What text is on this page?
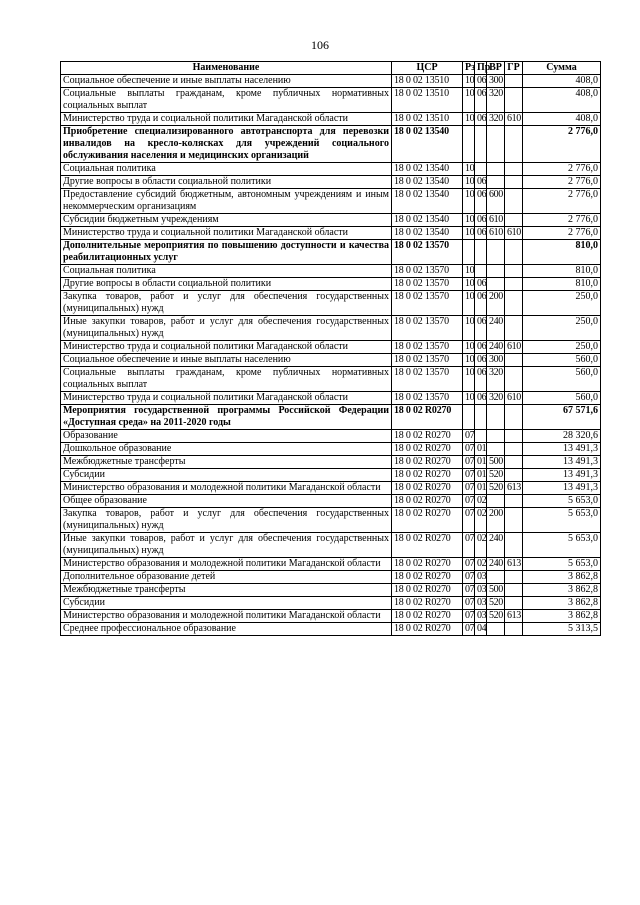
106
Наименование	ЦСР	Рз	Пр	ВР	ГР	Сумма
Социальное обеспечение и иные выплаты населению	18 0 02 13510	10	06	300		408,0
Социальные выплаты гражданам, кроме публичных нормативных социальных выплат	18 0 02 13510	10	06	320		408,0
Министерство труда и социальной политики Магаданской области	18 0 02 13510	10	06	320	610	408,0
Приобретение специализированного автотранспорта для перевозки инвалидов на кресло-колясках для учреждений социального обслуживания населения и медицинских организаций	18 0 02 13540					2 776,0
Социальная политика	18 0 02 13540	10				2 776,0
Другие вопросы в области социальной политики	18 0 02 13540	10	06			2 776,0
Предоставление субсидий бюджетным, автономным учреждениям и иным некоммерческим организациям	18 0 02 13540	10	06	600		2 776,0
Субсидии бюджетным учреждениям	18 0 02 13540	10	06	610		2 776,0
Министерство труда и социальной политики Магаданской области	18 0 02 13540	10	06	610	610	2 776,0
Дополнительные мероприятия по повышению доступности и качества реабилитационных услуг	18 0 02 13570					810,0
Социальная политика	18 0 02 13570	10				810,0
Другие вопросы в области социальной политики	18 0 02 13570	10	06			810,0
Закупка товаров, работ и услуг для обеспечения государственных (муниципальных) нужд	18 0 02 13570	10	06	200		250,0
Иные закупки товаров, работ и услуг для обеспечения государственных (муниципальных) нужд	18 0 02 13570	10	06	240		250,0
Министерство труда и социальной политики Магаданской области	18 0 02 13570	10	06	240	610	250,0
Социальное обеспечение и иные выплаты населению	18 0 02 13570	10	06	300		560,0
Социальные выплаты гражданам, кроме публичных нормативных социальных выплат	18 0 02 13570	10	06	320		560,0
Министерство труда и социальной политики Магаданской области	18 0 02 13570	10	06	320	610	560,0
Мероприятия государственной программы Российской Федерации «Доступная среда» на 2011-2020 годы	18 0 02 R0270					67 571,6
Образование	18 0 02 R0270	07				28 320,6
Дошкольное образование	18 0 02 R0270	07	01			13 491,3
Межбюджетные трансферты	18 0 02 R0270	07	01	500		13 491,3
Субсидии	18 0 02 R0270	07	01	520		13 491,3
Министерство образования и молодежной политики Магаданской области	18 0 02 R0270	07	01	520	613	13 491,3
Общее образование	18 0 02 R0270	07	02			5 653,0
Закупка товаров, работ и услуг для обеспечения государственных (муниципальных) нужд	18 0 02 R0270	07	02	200		5 653,0
Иные закупки товаров, работ и услуг для обеспечения государственных (муниципальных) нужд	18 0 02 R0270	07	02	240		5 653,0
Министерство образования и молодежной политики Магаданской области	18 0 02 R0270	07	02	240	613	5 653,0
Дополнительное образование детей	18 0 02 R0270	07	03			3 862,8
Межбюджетные трансферты	18 0 02 R0270	07	03	500		3 862,8
Субсидии	18 0 02 R0270	07	03	520		3 862,8
Министерство образования и молодежной политики Магаданской области	18 0 02 R0270	07	03	520	613	3 862,8
Среднее профессиональное образование	18 0 02 R0270	07	04			5 313,5
